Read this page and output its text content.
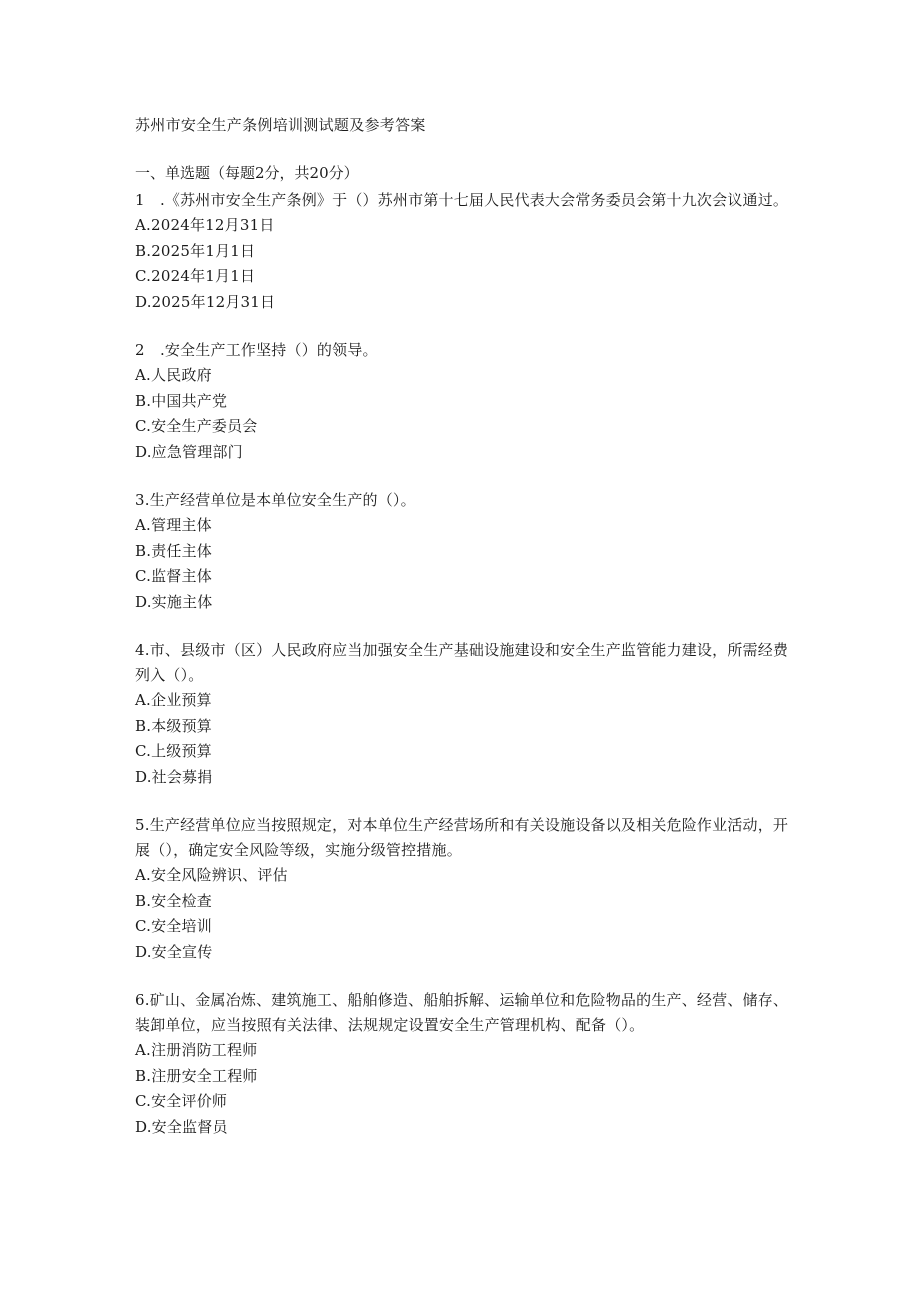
苏州市安全生产条例培训测试题及参考答案
一、单选题（每题2分，共20分）

1　.《苏州市安全生产条例》于（）苏州市第十七届人民代表大会常务委员会第十九次会议通过。

A.2024年12月31日

B.2025年1月1日

C.2024年1月1日

D.2025年12月31日

2　.安全生产工作坚持（）的领导。

A.人民政府

B.中国共产党

C.安全生产委员会

D.应急管理部门

3.生产经营单位是本单位安全生产的（）。

A.管理主体

B.责任主体

C.监督主体

D.实施主体

4.市、县级市（区）人民政府应当加强安全生产基础设施建设和安全生产监管能力建设，所需经费列入（）。

A.企业预算

B.本级预算

C.上级预算

D.社会募捐

5.生产经营单位应当按照规定，对本单位生产经营场所和有关设施设备以及相关危险作业活动，开展（），确定安全风险等级，实施分级管控措施。

A.安全风险辨识、评估

B.安全检查

C.安全培训

D.安全宣传

6.矿山、金属冶炼、建筑施工、船舶修造、船舶拆解、运输单位和危险物品的生产、经营、储存、装卸单位，应当按照有关法律、法规规定设置安全生产管理机构、配备（）。

A.注册消防工程师

B.注册安全工程师

C.安全评价师

D.安全监督员
